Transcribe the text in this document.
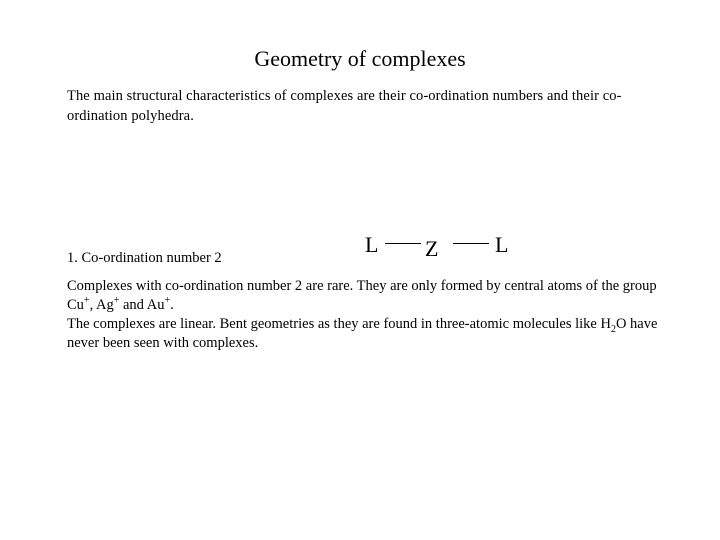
Geometry of complexes
The main structural characteristics of complexes are their co-ordination numbers and their co-ordination polyhedra.
1. Co-ordination number 2
L Z	L

Complexes with co-ordination number 2 are rare. They are only formed by central atoms of the group Cu+, Ag+ and Au+.

The complexes are linear. Bent geometries as they are found in three-atomic molecules like $H_2O$ have never been seen with complexes.
